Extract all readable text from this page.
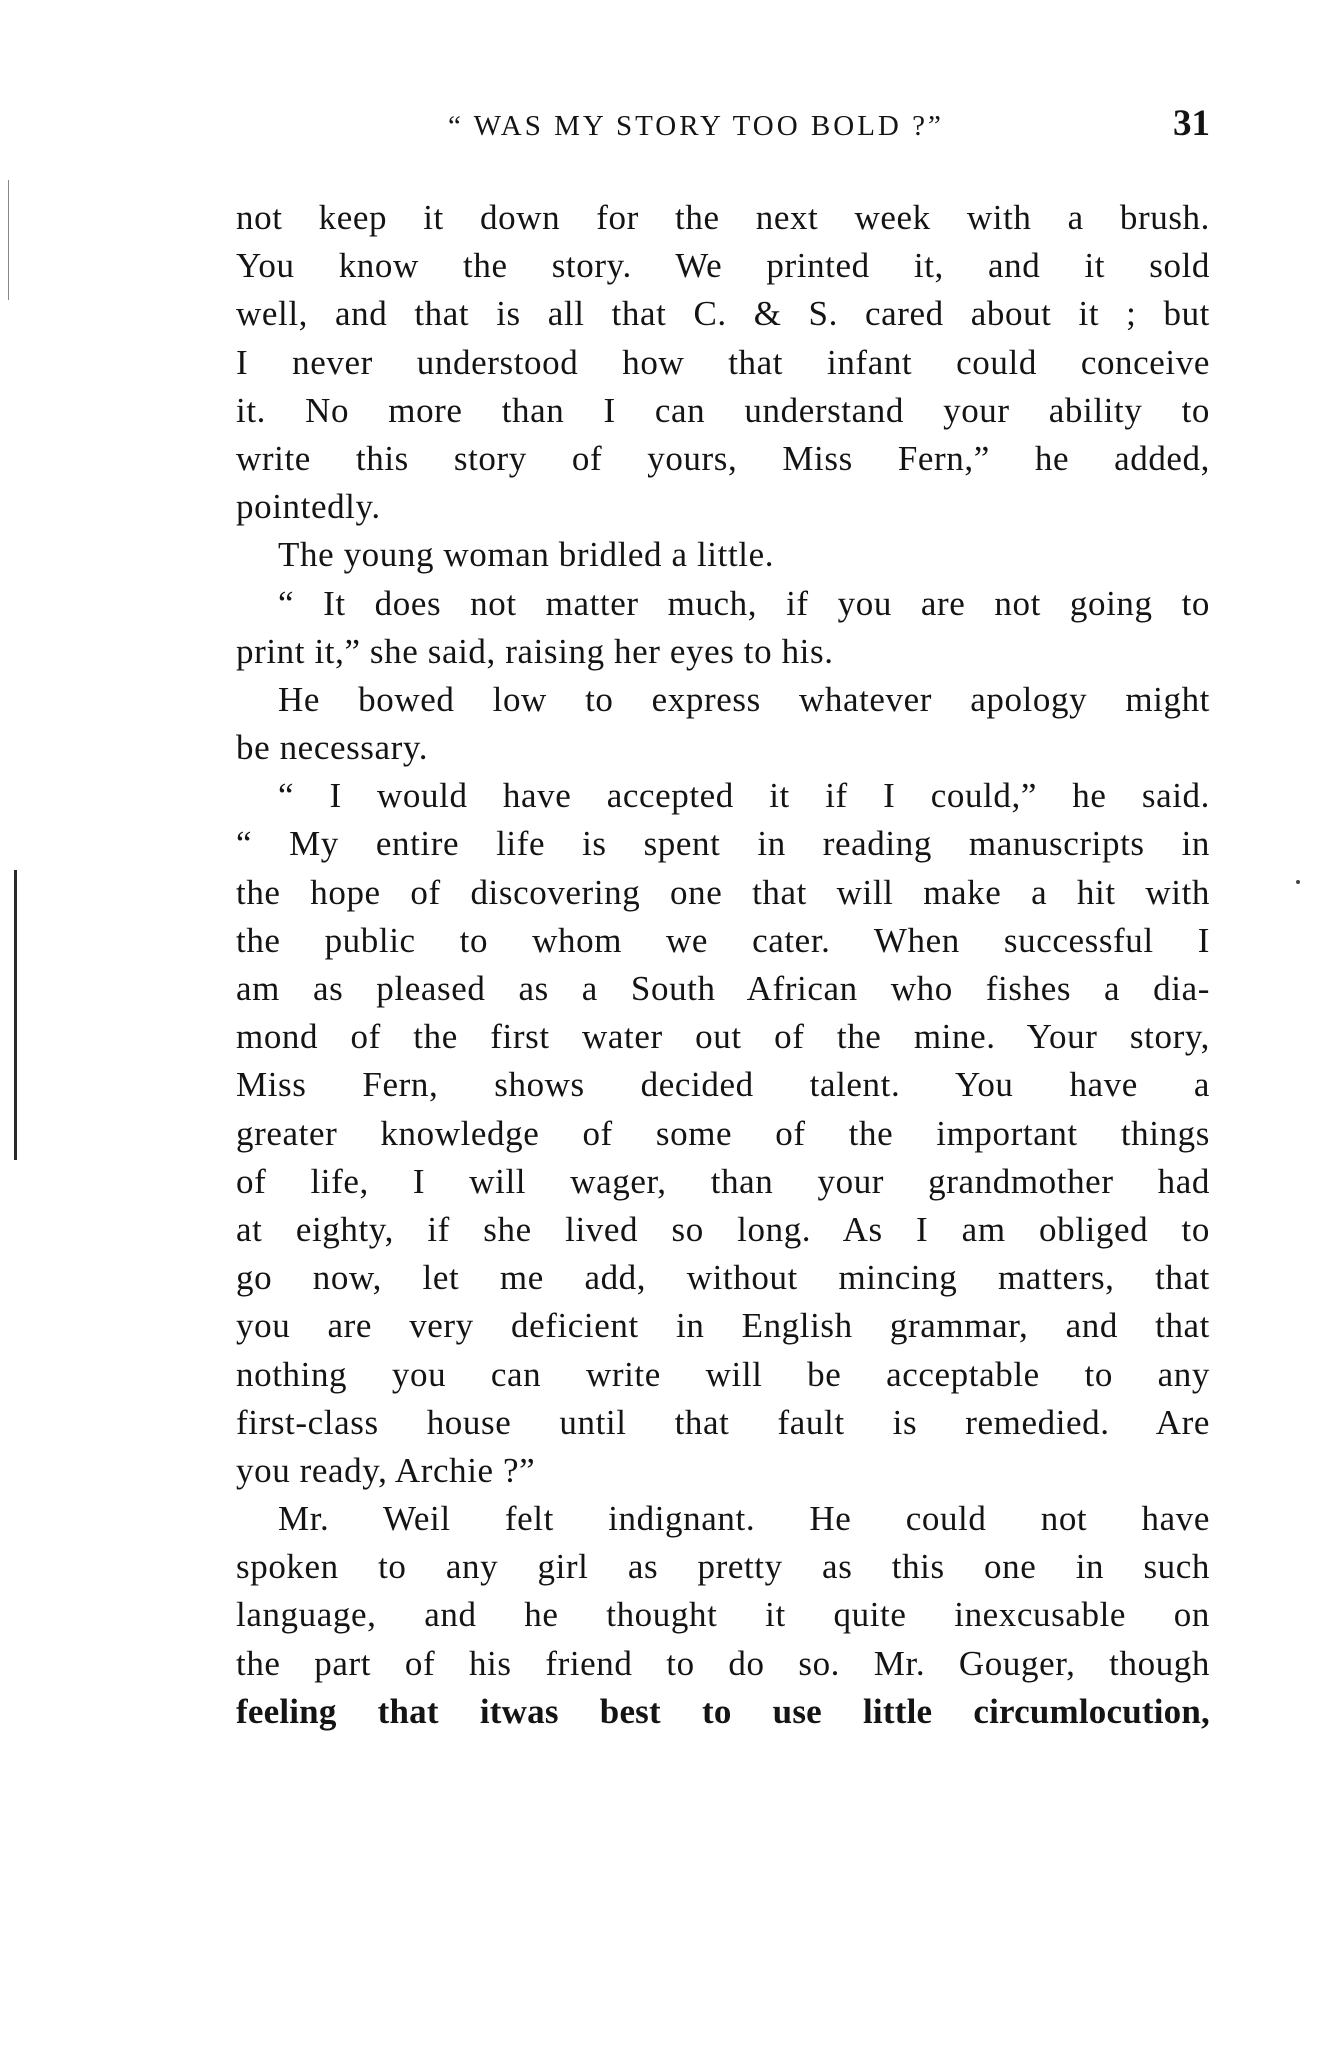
“ WAS MY STORY TOO BOLD ?”	31
not keep it down for the next week with a brush.
You know the story. We printed it, and it sold
well, and that is all that C. & S. cared about it ; but
I never understood how that infant could conceive
it. No more than I can understand your ability to
write this story of yours, Miss Fern,” he added,
pointedly.
The young woman bridled a little.
“ It does not matter much, if you are not going to
print it,” she said, raising her eyes to his.
He bowed low to express whatever apology might
be necessary.
“ I would have accepted it if I could,” he said.
“ My entire life is spent in reading manuscripts in
the hope of discovering one that will make a hit with
the public to whom we cater. When successful I
am as pleased as a South African who fishes a dia-
mond of the first water out of the mine. Your story,
Miss Fern, shows decided talent. You have a
greater knowledge of some of the important things
of life, I will wager, than your grandmother had
at eighty, if she lived so long. As I am obliged to
go now, let me add, without mincing matters, that
you are very deficient in English grammar, and that
nothing you can write will be acceptable to any
first-class house until that fault is remedied. Are
you ready, Archie ?”
Mr. Weil felt indignant. He could not have
spoken to any girl as pretty as this one in such
language, and he thought it quite inexcusable on
the part of his friend to do so. Mr. Gouger, though
feeling that itwas best to use little circumlocution,
